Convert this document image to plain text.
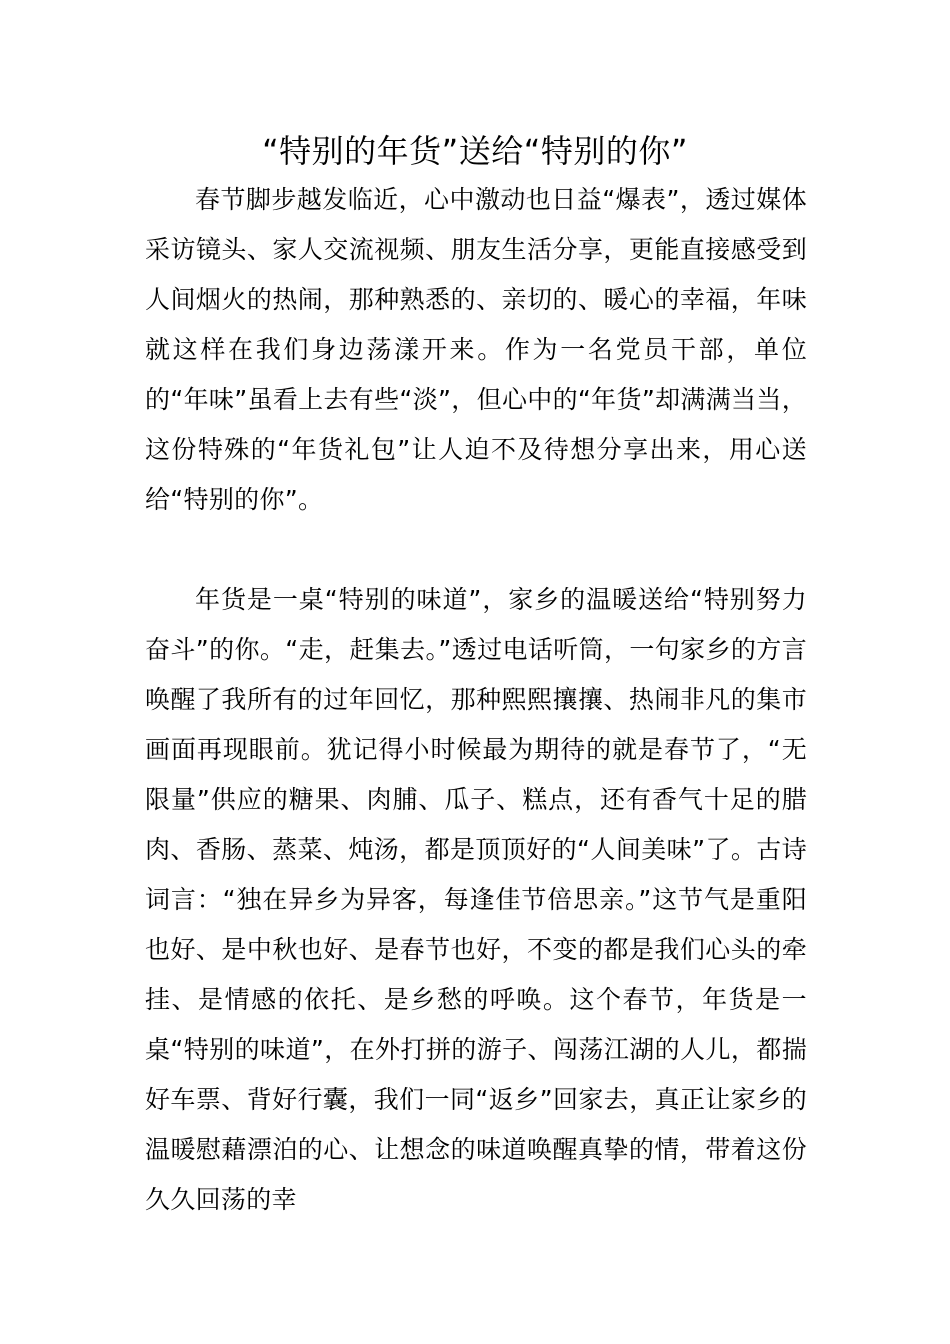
“特别的年货”送给“特别的你”

春节脚步越发临近，心中激动也日益“爆表”，透过媒体采访镜头、家人交流视频、朋友生活分享，更能直接感受到人间烟火的热闹，那种熟悉的、亲切的、暖心的幸福，年味就这样在我们身边荡漾开来。作为一名党员干部，单位的“年味”虽看上去有些“淡”，但心中的“年货”却满满当当，这份特殊的“年货礼包”让人迫不及待想分享出来，用心送给“特别的你”。

年货是一桌“特别的味道”，家乡的温暖送给“特别努力奋斗”的你。“走，赶集去。”透过电话听筒，一句家乡的方言唤醒了我所有的过年回忆，那种熙熙攘攘、热闹非凡的集市画面再现眼前。犹记得小时候最为期待的就是春节了，“无限量”供应的糖果、肉脯、瓜子、糕点，还有香气十足的腊肉、香肠、蒸菜、炖汤，都是顶顶好的“人间美味”了。古诗词言：“独在异乡为异客，每逢佳节倍思亲。”这节气是重阳也好、是中秋也好、是春节也好，不变的都是我们心头的牵挂、是情感的依托、是乡愁的呼唤。这个春节，年货是一桌“特别的味道”，在外打拼的游子、闯荡江湖的人儿，都揣好车票、背好行囊，我们一同“返乡”回家去，真正让家乡的温暖慰藉漂泊的心、让想念的味道唤醒真挚的情，带着这份久久回荡的幸
